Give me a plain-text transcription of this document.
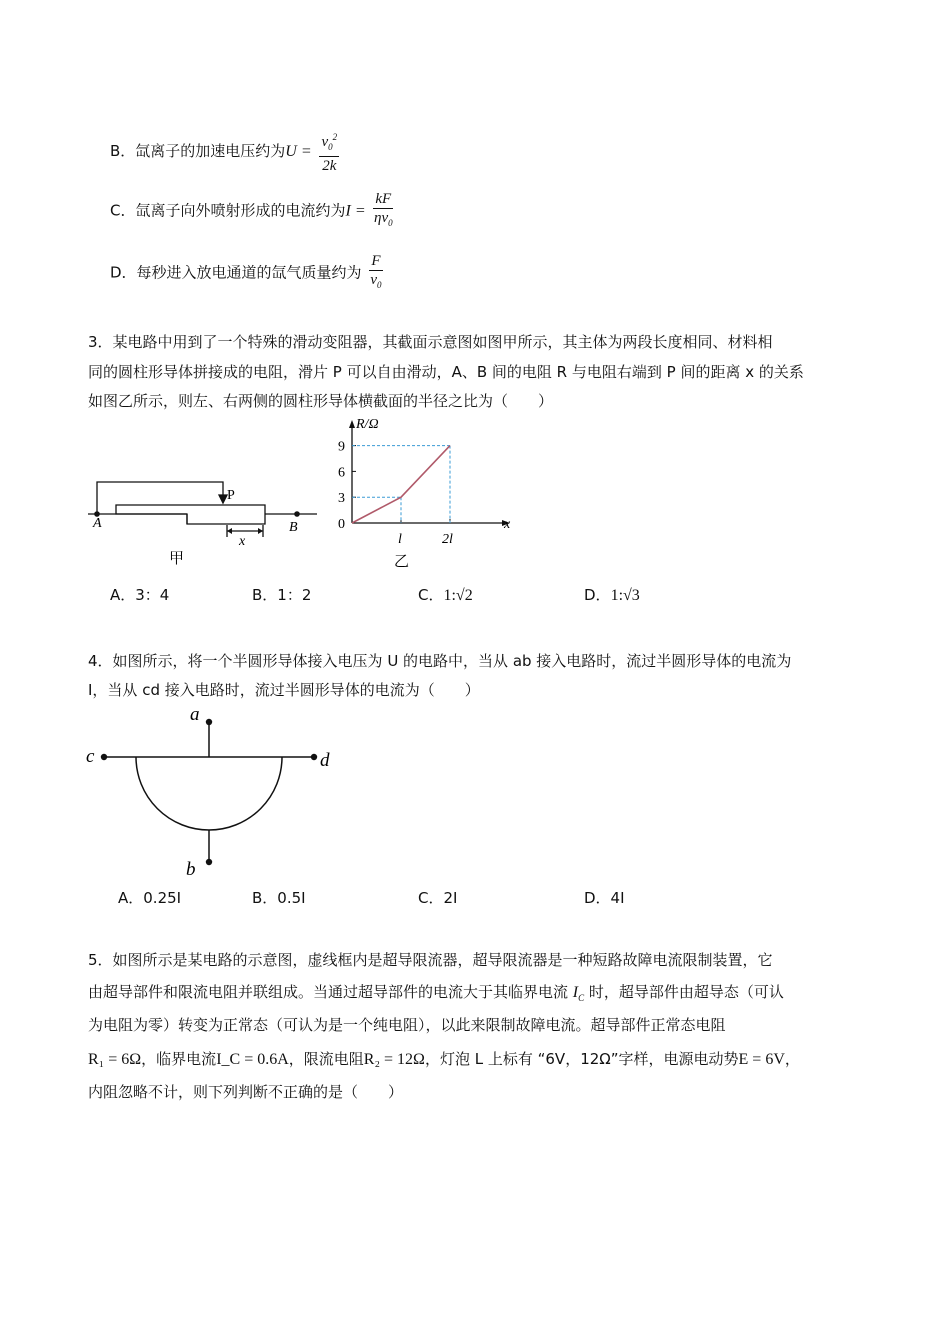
B．氙离子的加速电压约为$U = \frac{v_0^2}{2k}$
C．氙离子向外喷射形成的电流约为$I = \frac{kF}{\eta v_0}$
D．每秒进入放电通道的氙气质量约为 $\frac{F}{v_0}$
3．某电路中用到了一个特殊的滑动变阻器，其截面示意图如图甲所示，其主体为两段长度相同、材料相
同的圆柱形导体拼接成的电阻，滑片 P 可以自由滑动，A、B 间的电阻 R 与电阻右端到 P 间的距离 x 的关系
如图乙所示，则左、右两侧的圆柱形导体横截面的半径之比为（　　）
P
A	B
x
甲
R/Ω
x
0
3
6
9
l	2l
乙
A．3：4	B．1：2	C．1:√2	D．1:√3
4．如图所示，将一个半圆形导体接入电压为 U 的电路中，当从 ab 接入电路时，流过半圆形导体的电流为
I，当从 cd 接入电路时，流过半圆形导体的电流为（　　）
a
b
c	d
A．0.25I	B．0.5I	C．2I	D．4I
5．如图所示是某电路的示意图，虚线框内是超导限流器，超导限流器是一种短路故障电流限制装置，它
由超导部件和限流电阻并联组成。当通过超导部件的电流大于其临界电流 $I_C$ 时，超导部件由超导态（可认
为电阻为零）转变为正常态（可认为是一个纯电阻），以此来限制故障电流。超导部件正常态电阻
R₁ = 6Ω，临界电流I_C = 0.6A，限流电阻R₂ = 12Ω，灯泡 L 上标有 “6V，12Ω”字样，电源电动势E = 6V，
内阻忽略不计，则下列判断不正确的是（　　）
